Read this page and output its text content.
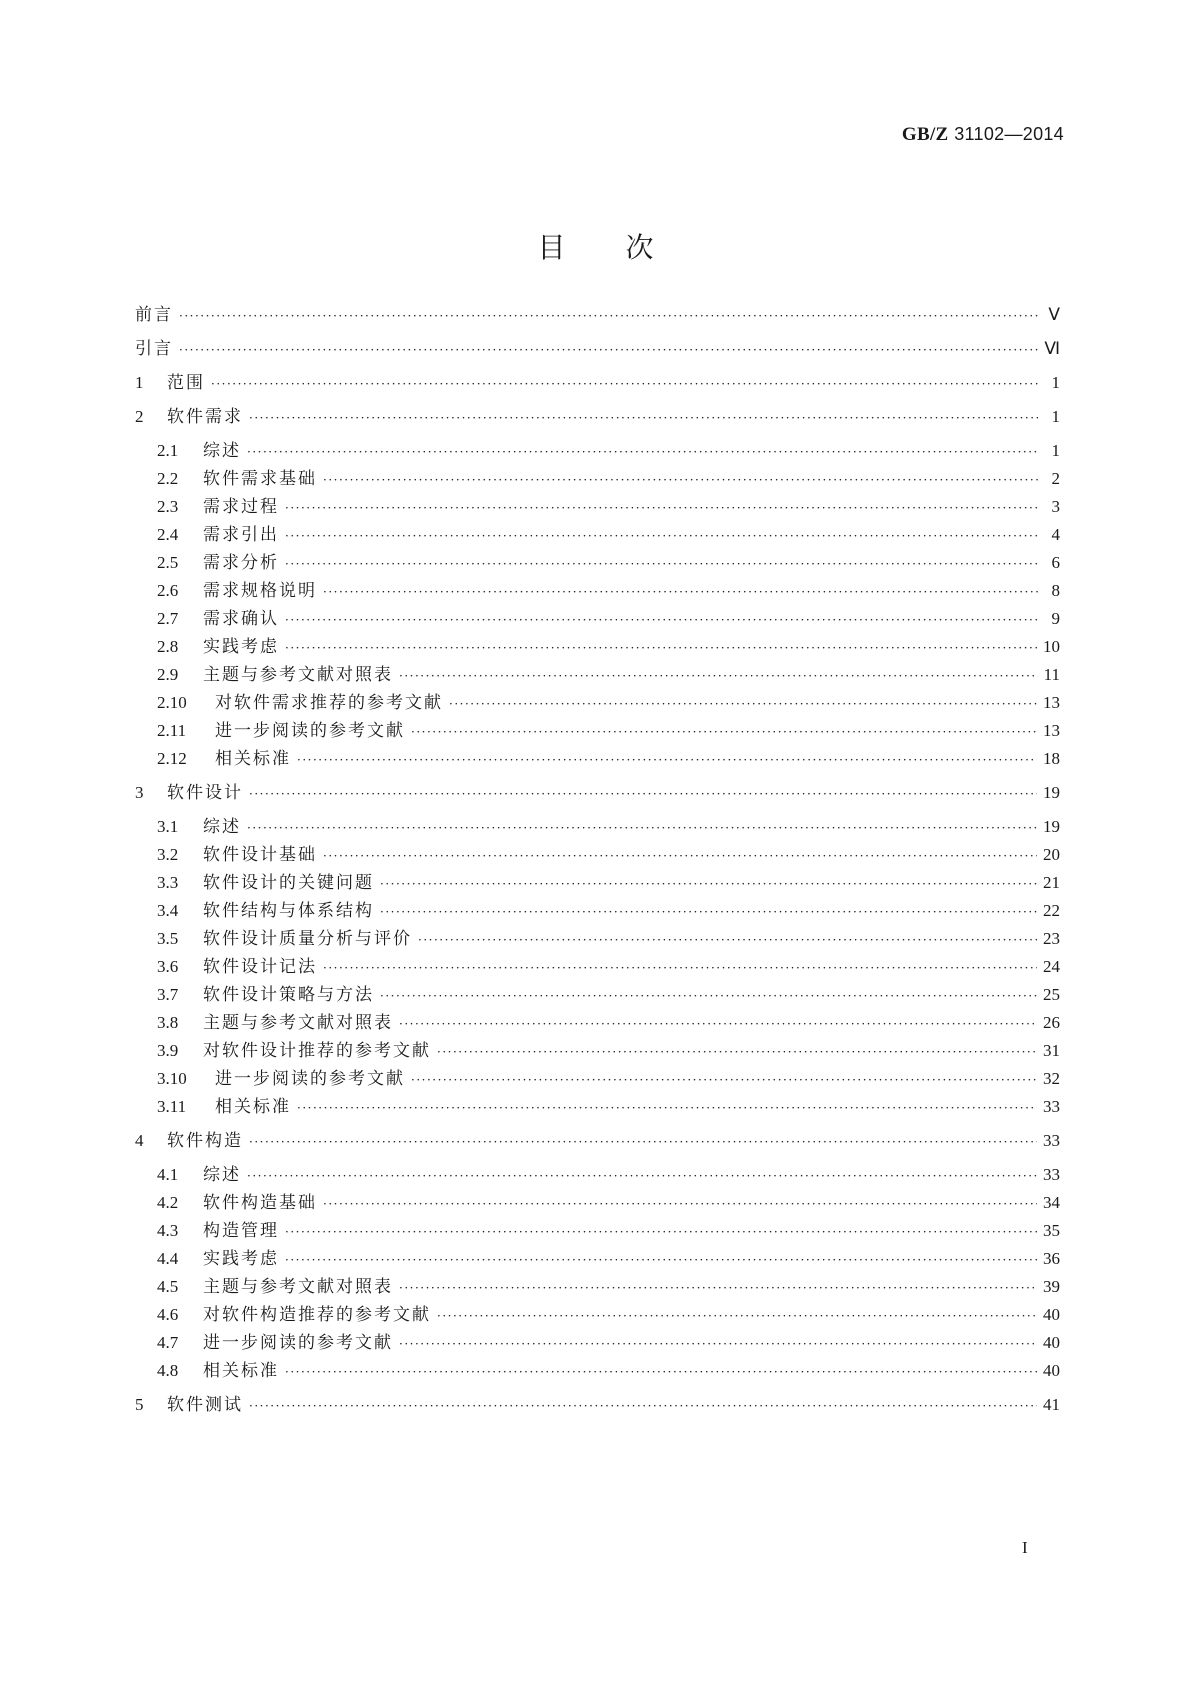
GB/Z 31102—2014
目次
前言 ·····	Ⅴ
引言 ·····	Ⅵ
1	范围 ·····	1
2	软件需求 ·····	1
2.1	综述 ·····	1
2.2	软件需求基础 ·····	2
2.3	需求过程 ·····	3
2.4	需求引出 ·····	4
2.5	需求分析 ·····	6
2.6	需求规格说明 ·····	8
2.7	需求确认 ·····	9
2.8	实践考虑 ·····	10
2.9	主题与参考文献对照表 ·····	11
2.10	对软件需求推荐的参考文献 ·····	13
2.11	进一步阅读的参考文献 ·····	13
2.12	相关标准 ·····	18
3	软件设计 ·····	19
3.1	综述 ·····	19
3.2	软件设计基础 ·····	20
3.3	软件设计的关键问题 ·····	21
3.4	软件结构与体系结构 ·····	22
3.5	软件设计质量分析与评价 ·····	23
3.6	软件设计记法 ·····	24
3.7	软件设计策略与方法 ·····	25
3.8	主题与参考文献对照表 ·····	26
3.9	对软件设计推荐的参考文献 ·····	31
3.10	进一步阅读的参考文献 ·····	32
3.11	相关标准 ·····	33
4	软件构造 ·····	33
4.1	综述 ·····	33
4.2	软件构造基础 ·····	34
4.3	构造管理 ·····	35
4.4	实践考虑 ·····	36
4.5	主题与参考文献对照表 ·····	39
4.6	对软件构造推荐的参考文献 ·····	40
4.7	进一步阅读的参考文献 ·····	40
4.8	相关标准 ·····	40
5	软件测试 ·····	41
I
